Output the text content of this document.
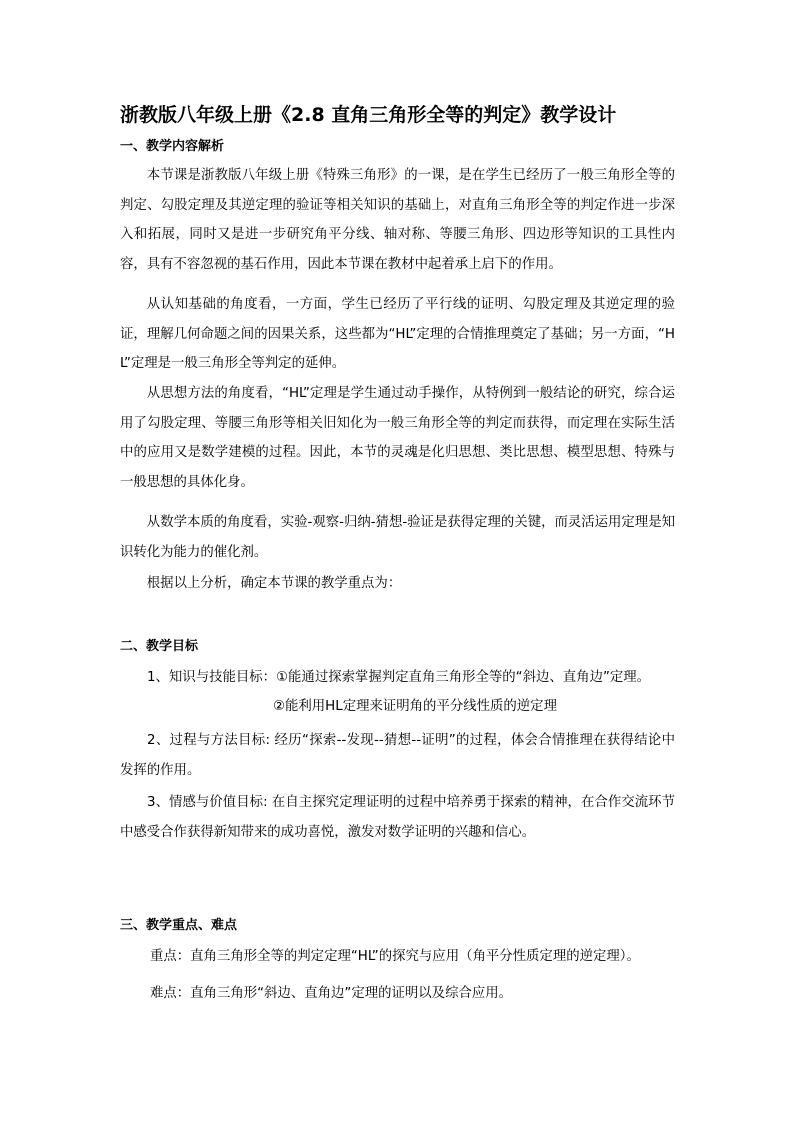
浙教版八年级上册《2.8 直角三角形全等的判定》教学设计
一、教学内容解析

本节课是浙教版八年级上册《特殊三角形》的一课，是在学生已经历了一般三角形全等的判定、勾股定理及其逆定理的验证等相关知识的基础上，对直角三角形全等的判定作进一步深入和拓展，同时又是进一步研究角平分线、轴对称、等腰三角形、四边形等知识的工具性内容，具有不容忽视的基石作用，因此本节课在教材中起着承上启下的作用。

从认知基础的角度看，一方面，学生已经历了平行线的证明、勾股定理及其逆定理的验证，理解几何命题之间的因果关系，这些都为“HL”定理的合情推理奠定了基础；另一方面，“HL”定理是一般三角形全等判定的延伸。

从思想方法的角度看，“HL”定理是学生通过动手操作，从特例到一般结论的研究，综合运用了勾股定理、等腰三角形等相关旧知化为一般三角形全等的判定而获得，而定理在实际生活中的应用又是数学建模的过程。因此，本节的灵魂是化归思想、类比思想、模型思想、特殊与一般思想的具体化身。

从数学本质的角度看，实验-观察-归纳-猜想-验证是获得定理的关键，而灵活运用定理是知识转化为能力的催化剂。

根据以上分析，确定本节课的教学重点为：

二、教学目标
1、知识与技能目标：①能通过探索掌握判定直角三角形全等的“斜边、直角边”定理。
②能利用HL定理来证明角的平分线性质的逆定理

2、过程与方法目标: 经历“探索--发现--猜想--证明”的过程，体会合情推理在获得结论中发挥的作用。

3、情感与价值目标: 在自主探究定理证明的过程中培养勇于探索的精神，在合作交流环节中感受合作获得新知带来的成功喜悦，激发对数学证明的兴趣和信心。

三、教学重点、难点
重点：直角三角形全等的判定定理“HL”的探究与应用（角平分性质定理的逆定理）。
难点：直角三角形“斜边、直角边”定理的证明以及综合应用。
